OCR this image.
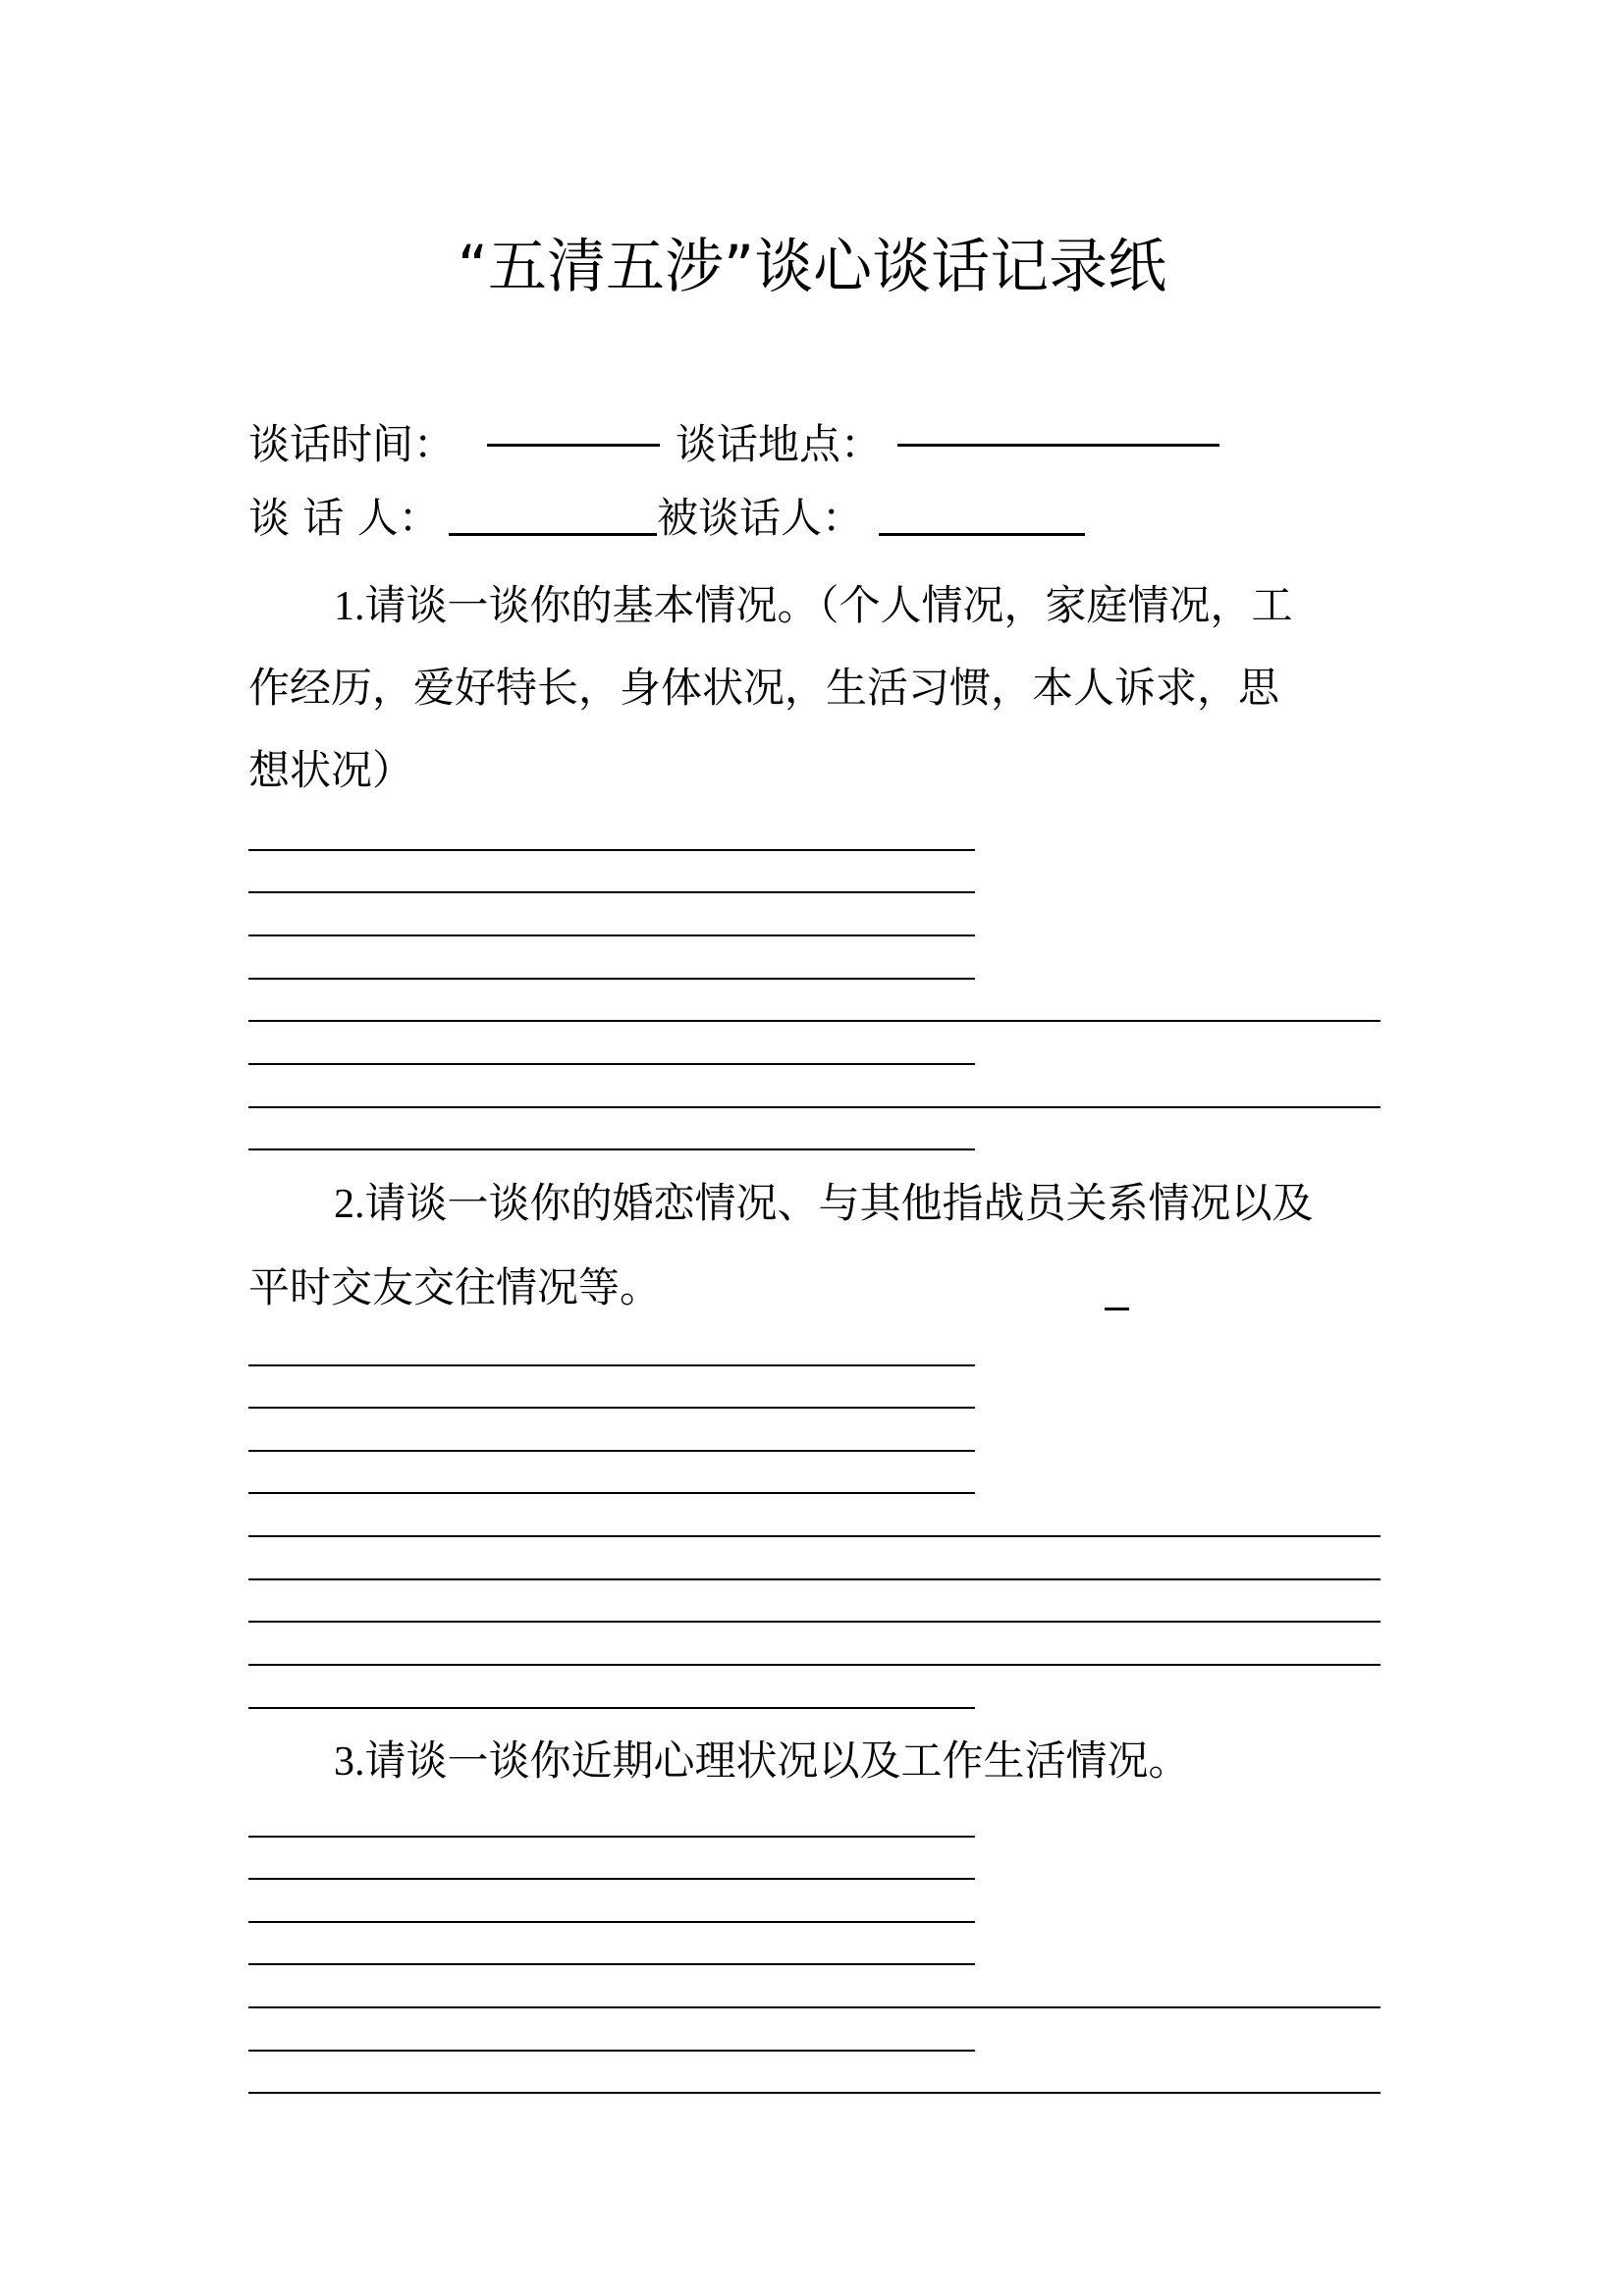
“五清五涉”谈心谈话记录纸
谈话时间：	谈话地点：
谈 话 人：	被谈话人：
1.请谈一谈你的基本情况。（个人情况，家庭情况，工
作经历，爱好特长，身体状况，生活习惯，本人诉求，思
想状况）
2.请谈一谈你的婚恋情况、与其他指战员关系情况以及
平时交友交往情况等。
3.请谈一谈你近期心理状况以及工作生活情况。
